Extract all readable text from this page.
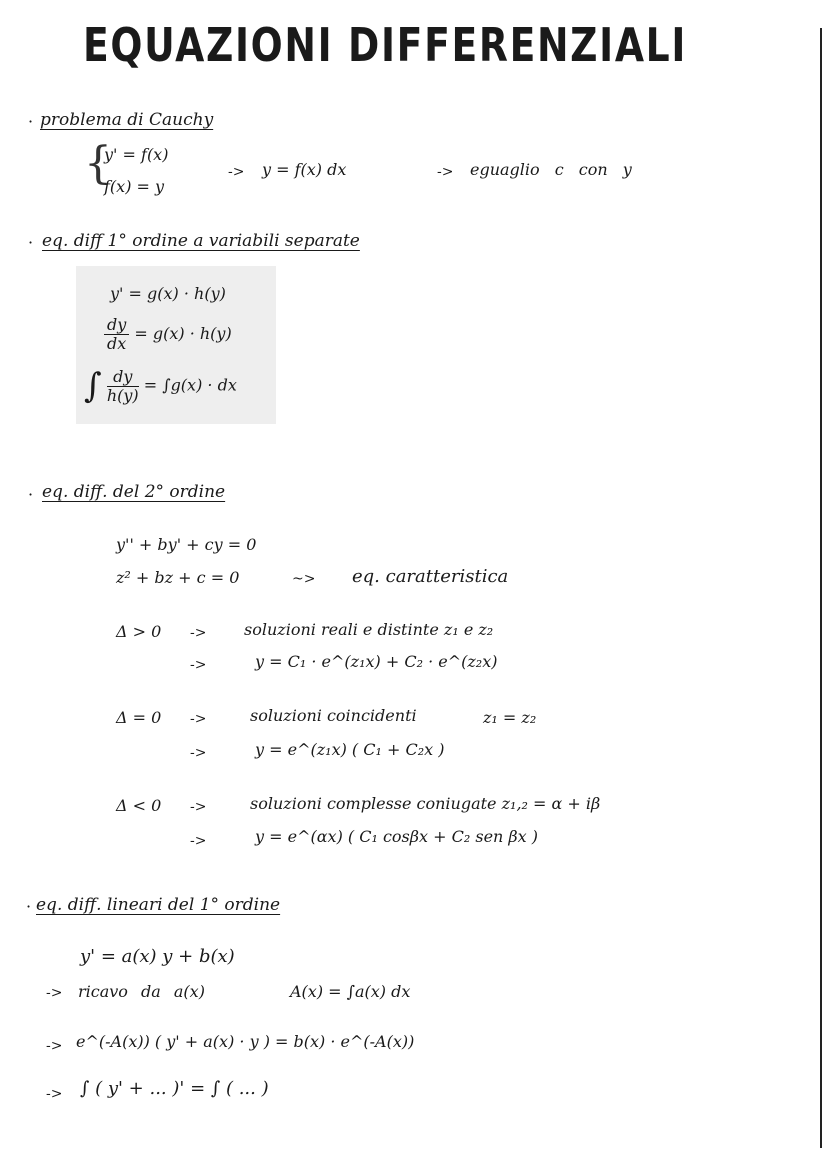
EQUAZIONI DIFFERENZIALI
· problema di Cauchy
{
y' = f(x)
f(x) = y
-> y = f(x) dx	-> eguaglio c con y
· eq. diff 1° ordine a variabili separate
y' = g(x) · h(y)
$\frac{dy}{dx} = g(x) \cdot h(y)$
∫ $\frac{dy}{h(y)} = \int g(x)$ · dx
· eq. diff. del 2° ordine
y'' + by' + cy = 0
z² + bz + c = 0	~> eq. caratteristica
Δ > 0 -> soluzioni reali e distinte z₁ e z₂
->	y = C₁ · e^(z₁x) + C₂ · e^(z₂x)
Δ = 0 ->	soluzioni coincidenti	z₁ = z₂
->	y = e^(z₁x) ( C₁ + C₂x )
Δ < 0 ->	soluzioni complesse coniugate z₁,₂ = α + iβ
->	y = e^(αx) ( C₁ cosβx + C₂ sen βx )
· eq. diff. lineari del 1° ordine
y' = a(x) y + b(x)
-> ricavo da a(x)	A(x) = ∫a(x) dx
-> e^(-A(x)) ( y' + a(x) · y ) = b(x) · e^(-A(x))
-> ∫ ( y' + ... )' = ∫ ( ... )
